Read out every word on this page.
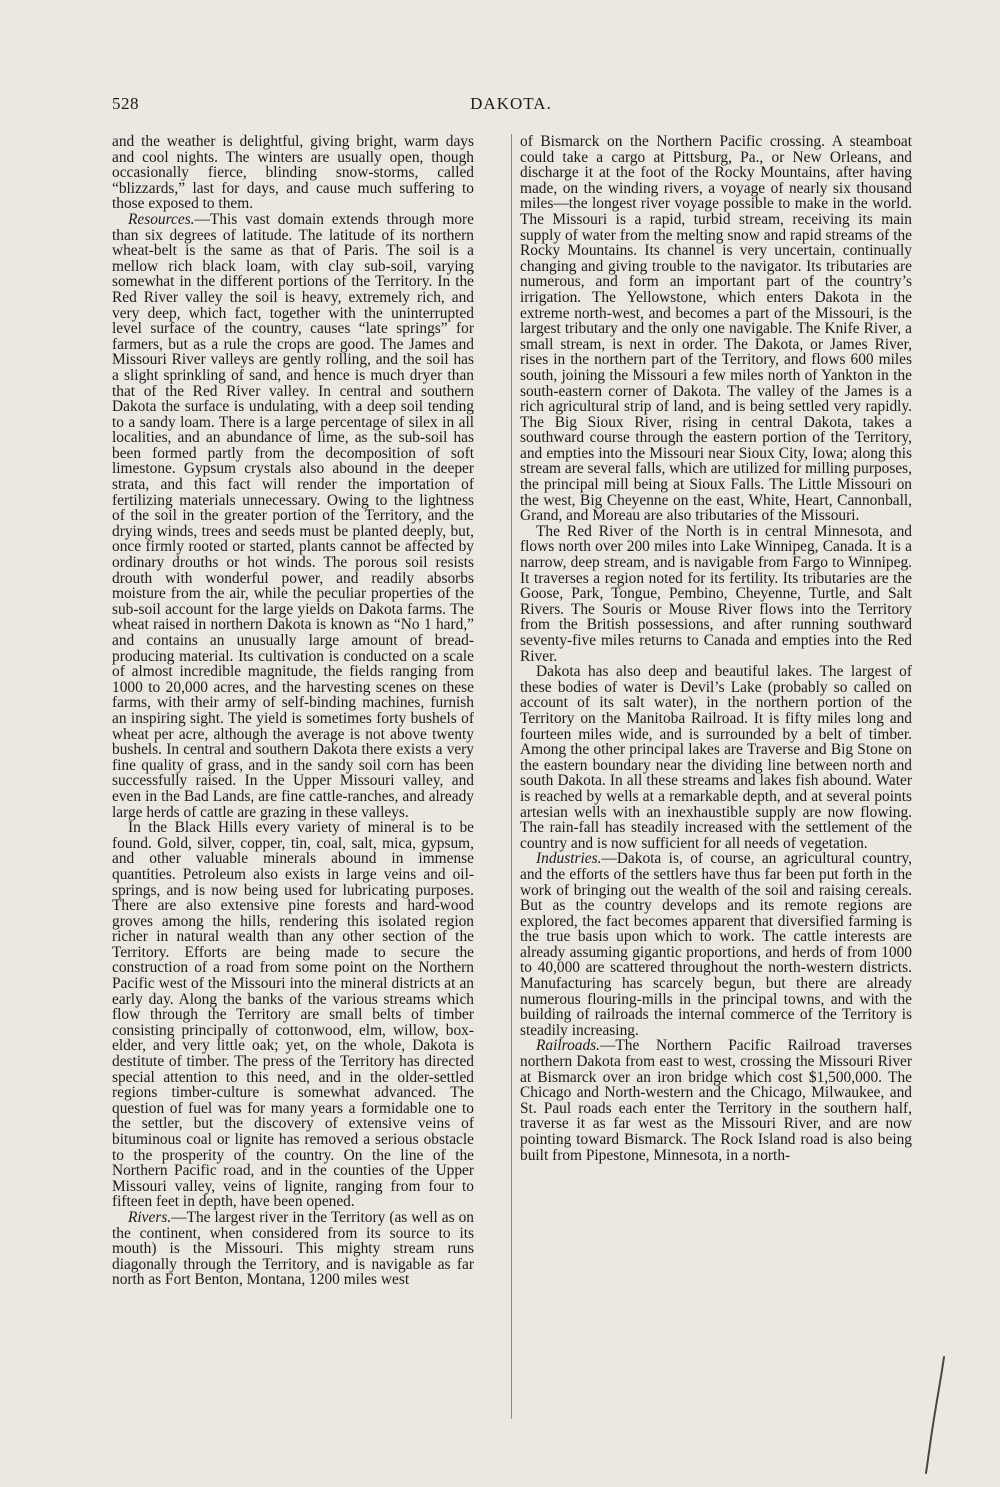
528	DAKOTA.

and the weather is delightful, giving bright, warm days and cool nights. The winters are usually open, though occasionally fierce, blinding snow-storms, called “blizzards,” last for days, and cause much suffering to those exposed to them.

Resources.—This vast domain extends through more than six degrees of latitude. The latitude of its northern wheat-belt is the same as that of Paris. The soil is a mellow rich black loam, with clay sub-soil, varying somewhat in the different portions of the Territory. In the Red River valley the soil is heavy, extremely rich, and very deep, which fact, together with the uninterrupted level surface of the country, causes “late springs” for farmers, but as a rule the crops are good. The James and Missouri River valleys are gently rolling, and the soil has a slight sprinkling of sand, and hence is much dryer than that of the Red River valley. In central and southern Dakota the surface is undulating, with a deep soil tending to a sandy loam. There is a large percentage of silex in all localities, and an abundance of lime, as the sub-soil has been formed partly from the decomposition of soft limestone. Gypsum crystals also abound in the deeper strata, and this fact will render the importation of fertilizing materials unnecessary. Owing to the lightness of the soil in the greater portion of the Territory, and the drying winds, trees and seeds must be planted deeply, but, once firmly rooted or started, plants cannot be affected by ordinary drouths or hot winds. The porous soil resists drouth with wonderful power, and readily absorbs moisture from the air, while the peculiar properties of the sub-soil account for the large yields on Dakota farms. The wheat raised in northern Dakota is known as “No 1 hard,” and contains an unusually large amount of bread-producing material. Its cultivation is conducted on a scale of almost incredible magnitude, the fields ranging from 1000 to 20,000 acres, and the harvesting scenes on these farms, with their army of self-binding machines, furnish an inspiring sight. The yield is sometimes forty bushels of wheat per acre, although the average is not above twenty bushels. In central and southern Dakota there exists a very fine quality of grass, and in the sandy soil corn has been successfully raised. In the Upper Missouri valley, and even in the Bad Lands, are fine cattle-ranches, and already large herds of cattle are grazing in these valleys.

In the Black Hills every variety of mineral is to be found. Gold, silver, copper, tin, coal, salt, mica, gypsum, and other valuable minerals abound in immense quantities. Petroleum also exists in large veins and oil-springs, and is now being used for lubricating purposes. There are also extensive pine forests and hard-wood groves among the hills, rendering this isolated region richer in natural wealth than any other section of the Territory. Efforts are being made to secure the construction of a road from some point on the Northern Pacific west of the Missouri into the mineral districts at an early day. Along the banks of the various streams which flow through the Territory are small belts of timber consisting principally of cottonwood, elm, willow, box-elder, and very little oak; yet, on the whole, Dakota is destitute of timber. The press of the Territory has directed special attention to this need, and in the older-settled regions timber-culture is somewhat advanced. The question of fuel was for many years a formidable one to the settler, but the discovery of extensive veins of bituminous coal or lignite has removed a serious obstacle to the prosperity of the country. On the line of the Northern Pacific road, and in the counties of the Upper Missouri valley, veins of lignite, ranging from four to fifteen feet in depth, have been opened.

Rivers.—The largest river in the Territory (as well as on the continent, when considered from its source to its mouth) is the Missouri. This mighty stream runs diagonally through the Territory, and is navigable as far north as Fort Benton, Montana, 1200 miles west

of Bismarck on the Northern Pacific crossing. A steamboat could take a cargo at Pittsburg, Pa., or New Orleans, and discharge it at the foot of the Rocky Mountains, after having made, on the winding rivers, a voyage of nearly six thousand miles—the longest river voyage possible to make in the world. The Missouri is a rapid, turbid stream, receiving its main supply of water from the melting snow and rapid streams of the Rocky Mountains. Its channel is very uncertain, continually changing and giving trouble to the navigator. Its tributaries are numerous, and form an important part of the country’s irrigation. The Yellowstone, which enters Dakota in the extreme north-west, and becomes a part of the Missouri, is the largest tributary and the only one navigable. The Knife River, a small stream, is next in order. The Dakota, or James River, rises in the northern part of the Territory, and flows 600 miles south, joining the Missouri a few miles north of Yankton in the south-eastern corner of Dakota. The valley of the James is a rich agricultural strip of land, and is being settled very rapidly. The Big Sioux River, rising in central Dakota, takes a southward course through the eastern portion of the Territory, and empties into the Missouri near Sioux City, Iowa; along this stream are several falls, which are utilized for milling purposes, the principal mill being at Sioux Falls. The Little Missouri on the west, Big Cheyenne on the east, White, Heart, Cannonball, Grand, and Moreau are also tributaries of the Missouri.

The Red River of the North is in central Minnesota, and flows north over 200 miles into Lake Winnipeg, Canada. It is a narrow, deep stream, and is navigable from Fargo to Winnipeg. It traverses a region noted for its fertility. Its tributaries are the Goose, Park, Tongue, Pembino, Cheyenne, Turtle, and Salt Rivers. The Souris or Mouse River flows into the Territory from the British possessions, and after running southward seventy-five miles returns to Canada and empties into the Red River.

Dakota has also deep and beautiful lakes. The largest of these bodies of water is Devil’s Lake (probably so called on account of its salt water), in the northern portion of the Territory on the Manitoba Railroad. It is fifty miles long and fourteen miles wide, and is surrounded by a belt of timber. Among the other principal lakes are Traverse and Big Stone on the eastern boundary near the dividing line between north and south Dakota. In all these streams and lakes fish abound. Water is reached by wells at a remarkable depth, and at several points artesian wells with an inexhaustible supply are now flowing. The rain-fall has steadily increased with the settlement of the country and is now sufficient for all needs of vegetation.

Industries.—Dakota is, of course, an agricultural country, and the efforts of the settlers have thus far been put forth in the work of bringing out the wealth of the soil and raising cereals. But as the country develops and its remote regions are explored, the fact becomes apparent that diversified farming is the true basis upon which to work. The cattle interests are already assuming gigantic proportions, and herds of from 1000 to 40,000 are scattered throughout the north-western districts. Manufacturing has scarcely begun, but there are already numerous flouring-mills in the principal towns, and with the building of railroads the internal commerce of the Territory is steadily increasing.

Railroads.—The Northern Pacific Railroad traverses northern Dakota from east to west, crossing the Missouri River at Bismarck over an iron bridge which cost $1,500,000. The Chicago and North-western and the Chicago, Milwaukee, and St. Paul roads each enter the Territory in the southern half, traverse it as far west as the Missouri River, and are now pointing toward Bismarck. The Rock Island road is also being built from Pipestone, Minnesota, in a north-
